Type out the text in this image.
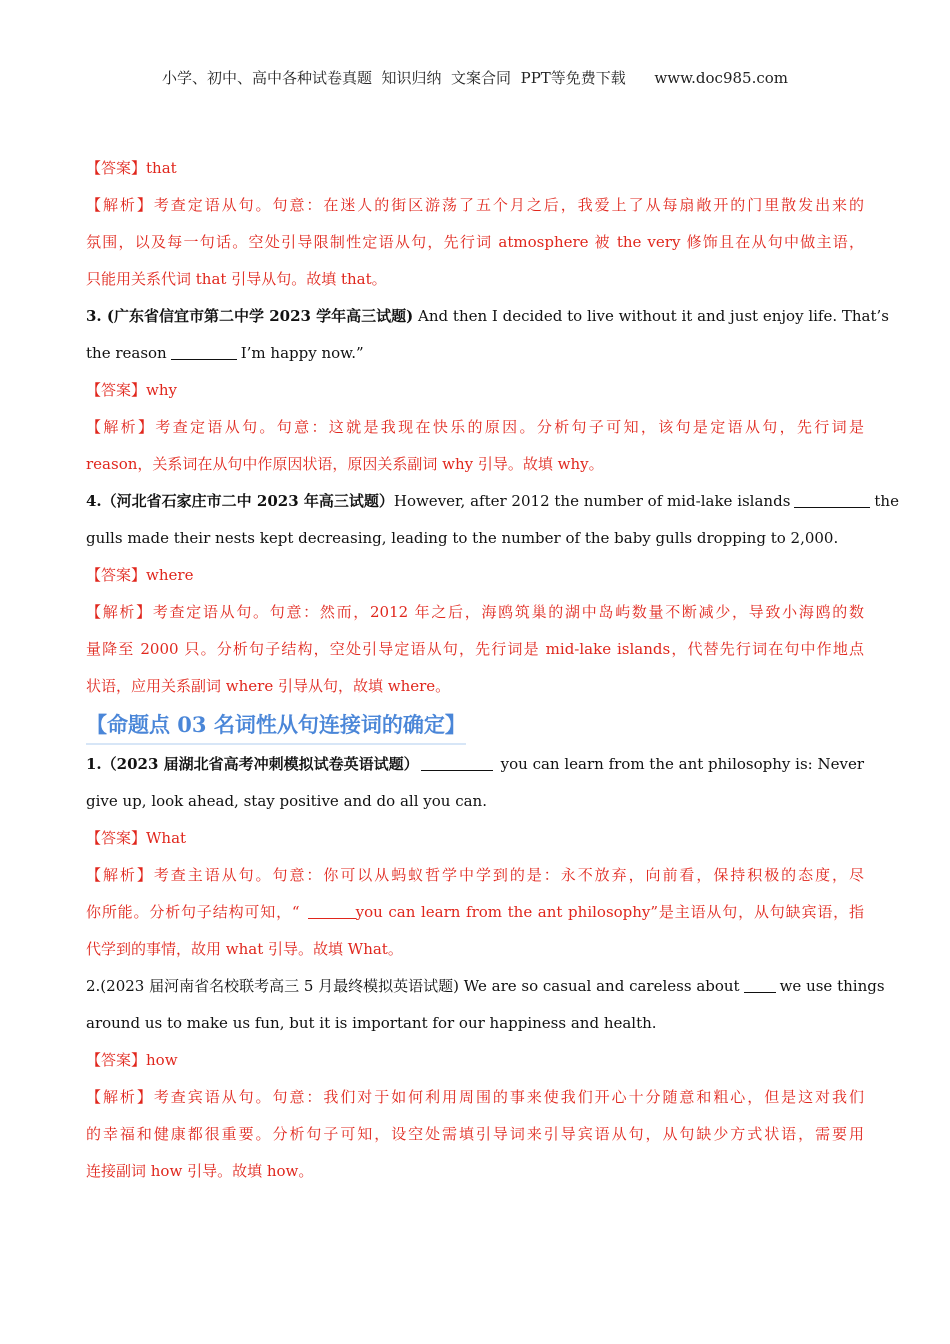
小学、初中、高中各种试卷真题  知识归纳  文案合同  PPT等免费下载 www.doc985.com
【答案】that
【解析】考查定语从句。句意：在迷人的街区游荡了五个月之后，我爱上了从每扇敞开的门里散发出来的
氛围，以及每一句话。空处引导限制性定语从句，先行词 atmosphere 被 the very 修饰且在从句中做主语，
只能用关系代词 that 引导从句。故填 that。
3. (广东省信宜市第二中学 2023 学年高三试题) And then I decided to live without it and just enjoy life. That’s
the reason	I’m happy now.”
【答案】why
【解析】考查定语从句。句意：这就是我现在快乐的原因。分析句子可知，该句是定语从句，先行词是
reason，关系词在从句中作原因状语，原因关系副词 why 引导。故填 why。
4.（河北省石家庄市二中 2023 年高三试题）However, after 2012 the number of mid-lake islands	the
gulls made their nests kept decreasing, leading to the number of the baby gulls dropping to 2,000.
【答案】where
【解析】考查定语从句。句意：然而，2012 年之后，海鸥筑巢的湖中岛屿数量不断减少，导致小海鸥的数
量降至 2000 只。分析句子结构，空处引导定语从句，先行词是 mid-lake islands，代替先行词在句中作地点
状语，应用关系副词 where 引导从句，故填 where。
【命题点 03 名词性从句连接词的确定】
1.（2023 届湖北省高考冲刺模拟试卷英语试题）	you can learn from the ant philosophy is: Never
give up, look ahead, stay positive and do all you can.
【答案】What
【解析】考查主语从句。句意：你可以从蚂蚁哲学中学到的是：永不放弃，向前看，保持积极的态度，尽
你所能。分析句子结构可知，“	you can learn from the ant philosophy”是主语从句，从句缺宾语，指
代学到的事情，故用 what 引导。故填 What。
2.(2023 届河南省名校联考高三 5 月最终模拟英语试题) We are so casual and careless about	we use things
around us to make us fun, but it is important for our happiness and health.
【答案】how
【解析】考查宾语从句。句意：我们对于如何利用周围的事来使我们开心十分随意和粗心，但是这对我们
的幸福和健康都很重要。分析句子可知，设空处需填引导词来引导宾语从句，从句缺少方式状语，需要用
连接副词 how 引导。故填 how。
